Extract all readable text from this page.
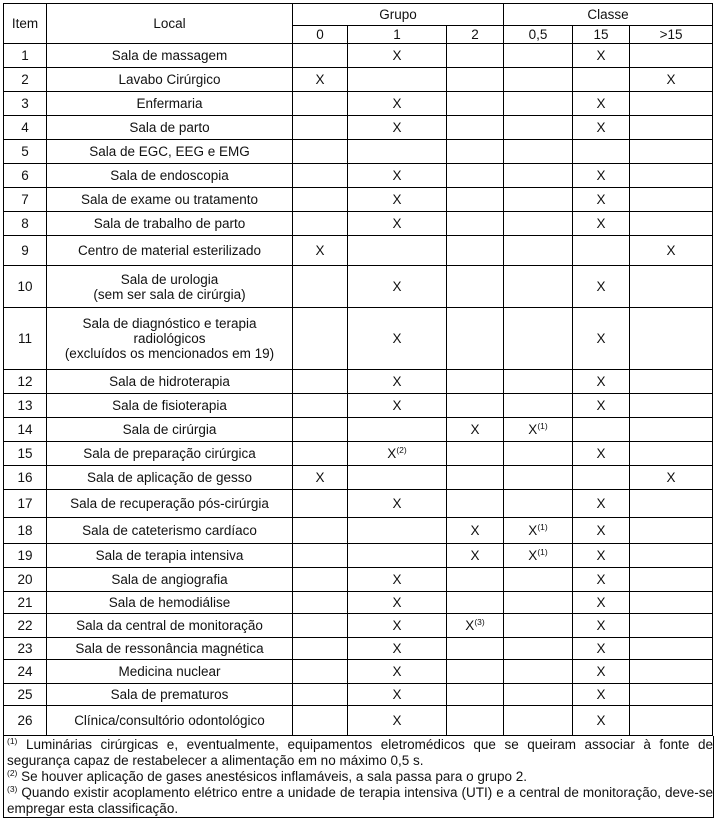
Item	Local	Grupo			Classe		
		0	1	2	0,5	15	>15
1	Sala de massagem		X			X	
2	Lavabo Cirúrgico	X					X
3	Enfermaria		X			X	
4	Sala de parto		X			X	
5	Sala de EGC, EEG e EMG						

6	Sala de endoscopia		X			X	
7	Sala de exame ou tratamento		X			X	
8	Sala de trabalho de parto		X			X	
9	Centro de material esterilizado	X					X
10	Sala de urologia
(sem ser sala de cirúrgia)		X			X	
11	Sala de diagnóstico e terapia
radiológicos
(excluídos os mencionados em 19)		X			X	
12	Sala de hidroterapia		X			X	
13	Sala de fisioterapia		X			X	
14	Sala de cirúrgia			X	$X^{(1)}$		
15	Sala de preparação cirúrgica		$X^{(2)}$			X	
16	Sala de aplicação de gesso	X					X
17	Sala de recuperação pós-cirúrgia		X			X	
18	Sala de cateterismo cardíaco			X	$X^{(1)}$	X	
19	Sala de terapia intensiva			X	$X^{(1)}$	X	
20	Sala de angiografia		X			X	
21	Sala de hemodiálise		X			X	
22	Sala da central de monitoração		X	$X^{(3)}$		X	
23	Sala de ressonância magnética		X			X	
24	Medicina nuclear		X			X	
25	Sala de prematuros		X			X	
26	Clínica/consultório odontológico		X			X	
$^{(1)}$ Luminárias cirúrgicas e, eventualmente, equipamentos eletromédicos que se queiram associar à fonte de segurança capaz de restabelecer a alimentação em no máximo 0,5 s.
$^{(2)}$ Se houver aplicação de gases anestésicos inflamáveis, a sala passa para o grupo 2.
$^{(3)}$ Quando existir acoplamento elétrico entre a unidade de terapia intensiva (UTI) e a central de monitoração, deve-se empregar esta classificação.
